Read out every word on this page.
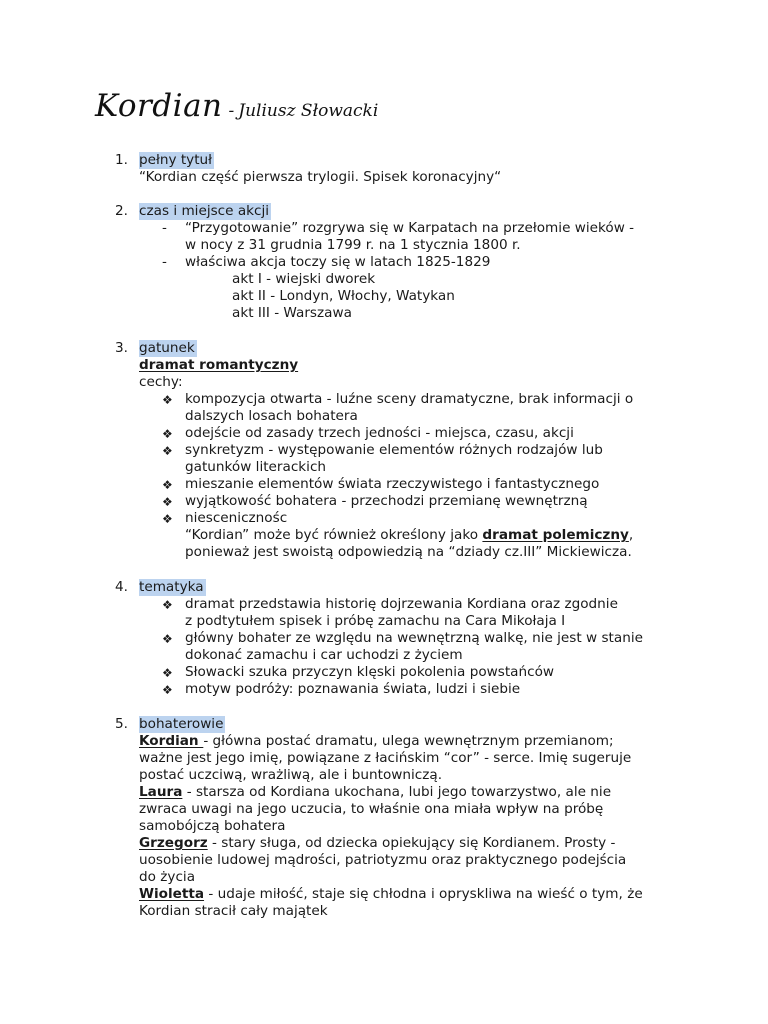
Kordian - Juliusz Słowacki
1. pełny tytuł
“Kordian część pierwsza trylogii. Spisek koronacyjny“
2. czas i miejsce akcji
- “Przygotowanie” rozgrywa się w Karpatach na przełomie wieków -
w nocy z 31 grudnia 1799 r. na 1 stycznia 1800 r.
- właściwa akcja toczy się w latach 1825-1829
akt I - wiejski dworek
akt II - Londyn, Włochy, Watykan
akt III - Warszawa
3. gatunek
dramat romantyczny
cechy:
❖ kompozycja otwarta - luźne sceny dramatyczne, brak informacji o
dalszych losach bohatera
❖ odejście od zasady trzech jedności - miejsca, czasu, akcji
❖ synkretyzm - występowanie elementów różnych rodzajów lub
gatunków literackich
❖ mieszanie elementów świata rzeczywistego i fantastycznego
❖ wyjątkowość bohatera - przechodzi przemianę wewnętrzną
❖ niescenicznośc
“Kordian” może być również określony jako dramat polemiczny,
ponieważ jest swoistą odpowiedzią na “dziady cz.III” Mickiewicza.
4. tematyka
❖ dramat przedstawia historię dojrzewania Kordiana oraz zgodnie
z podtytułem spisek i próbę zamachu na Cara Mikołaja I
❖ główny bohater ze względu na wewnętrzną walkę, nie jest w stanie
dokonać zamachu i car uchodzi z życiem
❖ Słowacki szuka przyczyn klęski pokolenia powstańców
❖ motyw podróży: poznawania świata, ludzi i siebie
5. bohaterowie
Kordian - główna postać dramatu, ulega wewnętrznym przemianom;
ważne jest jego imię, powiązane z łacińskim “cor” - serce. Imię sugeruje
postać uczciwą, wrażliwą, ale i buntowniczą.
Laura - starsza od Kordiana ukochana, lubi jego towarzystwo, ale nie
zwraca uwagi na jego uczucia, to właśnie ona miała wpływ na próbę
samobójczą bohatera
Grzegorz - stary sługa, od dziecka opiekujący się Kordianem. Prosty -
uosobienie ludowej mądrości, patriotyzmu oraz praktycznego podejścia
do życia
Wioletta - udaje miłość, staje się chłodna i opryskliwa na wieść o tym, że
Kordian stracił cały majątek
